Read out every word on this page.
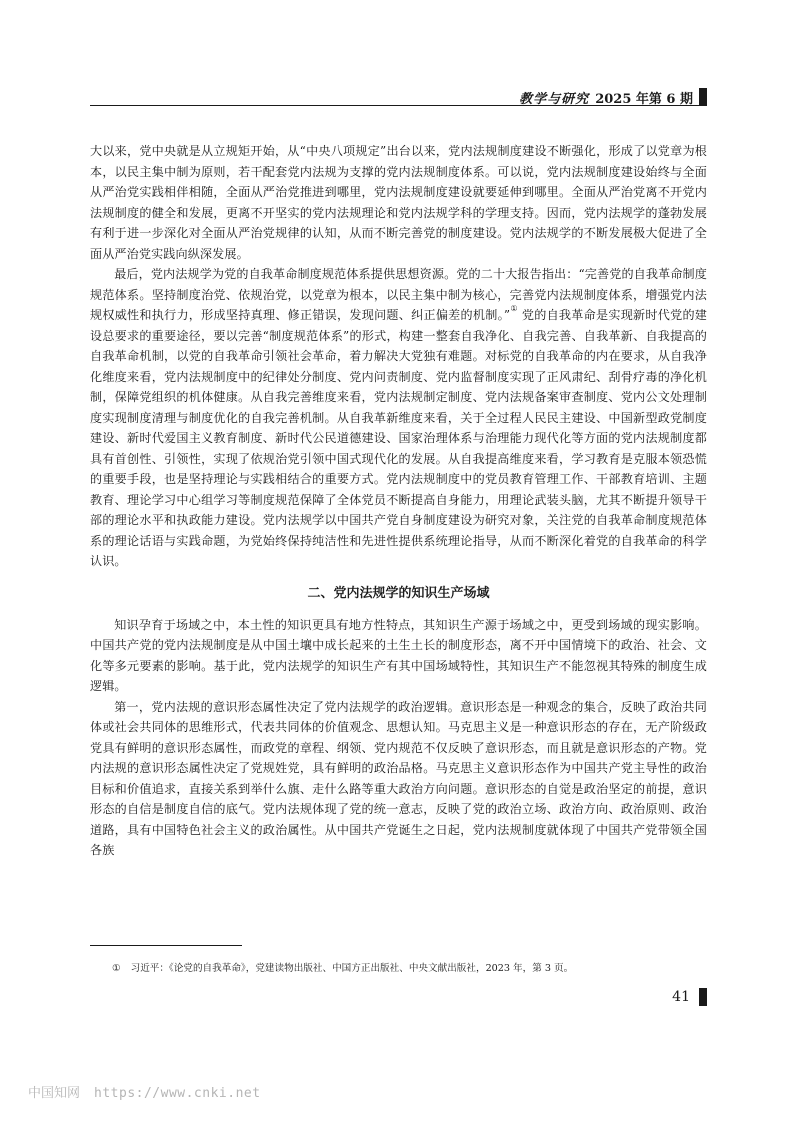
教学与研究 2025 年第 6 期

大以来，党中央就是从立规矩开始，从“中央八项规定”出台以来，党内法规制度建设不断强化，形成了以党章为根本，以民主集中制为原则，若干配套党内法规为支撑的党内法规制度体系。可以说，党内法规制度建设始终与全面从严治党实践相伴相随，全面从严治党推进到哪里，党内法规制度建设就要延伸到哪里。全面从严治党离不开党内法规制度的健全和发展，更离不开坚实的党内法规理论和党内法规学科的学理支持。因而，党内法规学的蓬勃发展有利于进一步深化对全面从严治党规律的认知，从而不断完善党的制度建设。党内法规学的不断发展极大促进了全面从严治党实践向纵深发展。

最后，党内法规学为党的自我革命制度规范体系提供思想资源。党的二十大报告指出：“完善党的自我革命制度规范体系。坚持制度治党、依规治党，以党章为根本，以民主集中制为核心，完善党内法规制度体系，增强党内法规权威性和执行力，形成坚持真理、修正错误，发现问题、纠正偏差的机制。”① 党的自我革命是实现新时代党的建设总要求的重要途径，要以完善“制度规范体系”的形式，构建一整套自我净化、自我完善、自我革新、自我提高的自我革命机制，以党的自我革命引领社会革命，着力解决大党独有难题。对标党的自我革命的内在要求，从自我净化维度来看，党内法规制度中的纪律处分制度、党内问责制度、党内监督制度实现了正风肃纪、刮骨疗毒的净化机制，保障党组织的机体健康。从自我完善维度来看，党内法规制定制度、党内法规备案审查制度、党内公文处理制度实现制度清理与制度优化的自我完善机制。从自我革新维度来看，关于全过程人民民主建设、中国新型政党制度建设、新时代爱国主义教育制度、新时代公民道德建设、国家治理体系与治理能力现代化等方面的党内法规制度都具有首创性、引领性，实现了依规治党引领中国式现代化的发展。从自我提高维度来看，学习教育是克服本领恐慌的重要手段，也是坚持理论与实践相结合的重要方式。党内法规制度中的党员教育管理工作、干部教育培训、主题教育、理论学习中心组学习等制度规范保障了全体党员不断提高自身能力，用理论武装头脑，尤其不断提升领导干部的理论水平和执政能力建设。党内法规学以中国共产党自身制度建设为研究对象，关注党的自我革命制度规范体系的理论话语与实践命题，为党始终保持纯洁性和先进性提供系统理论指导，从而不断深化着党的自我革命的科学认识。

二、党内法规学的知识生产场域

知识孕育于场域之中，本土性的知识更具有地方性特点，其知识生产源于场域之中，更受到场域的现实影响。中国共产党的党内法规制度是从中国土壤中成长起来的土生土长的制度形态，离不开中国情境下的政治、社会、文化等多元要素的影响。基于此，党内法规学的知识生产有其中国场域特性，其知识生产不能忽视其特殊的制度生成逻辑。

第一，党内法规的意识形态属性决定了党内法规学的政治逻辑。意识形态是一种观念的集合，反映了政治共同体或社会共同体的思维形式，代表共同体的价值观念、思想认知。马克思主义是一种意识形态的存在，无产阶级政党具有鲜明的意识形态属性，而政党的章程、纲领、党内规范不仅反映了意识形态，而且就是意识形态的产物。党内法规的意识形态属性决定了党规姓党，具有鲜明的政治品格。马克思主义意识形态作为中国共产党主导性的政治目标和价值追求，直接关系到举什么旗、走什么路等重大政治方向问题。意识形态的自觉是政治坚定的前提，意识形态的自信是制度自信的底气。党内法规体现了党的统一意志，反映了党的政治立场、政治方向、政治原则、政治道路，具有中国特色社会主义的政治属性。从中国共产党诞生之日起，党内法规制度就体现了中国共产党带领全国各族

① 习近平：《论党的自我革命》，党建读物出版社、中国方正出版社、中央文献出版社，2023 年，第 3 页。
41
中国知网 https://www.cnki.net
